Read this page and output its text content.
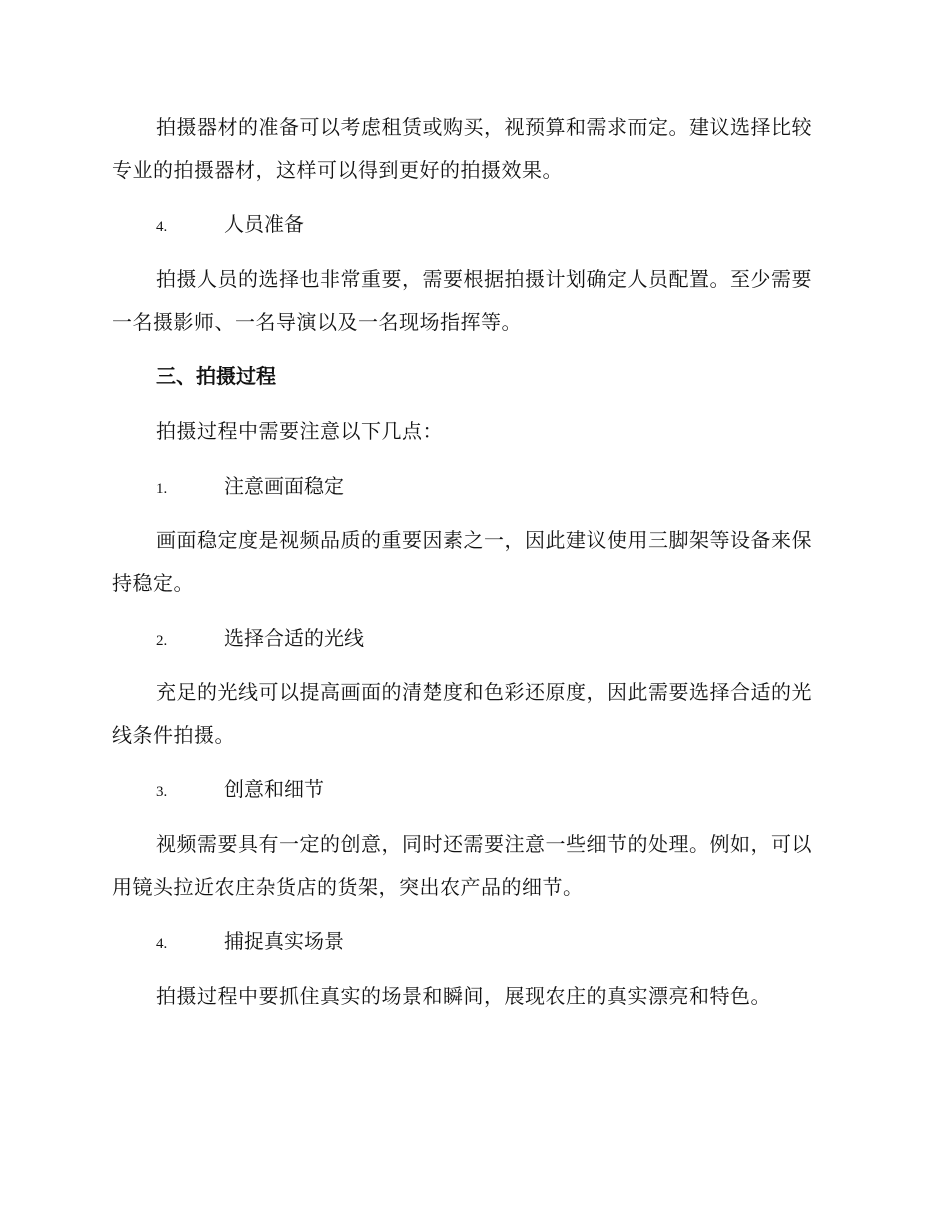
拍摄器材的准备可以考虑租赁或购买，视预算和需求而定。建议选择比较专业的拍摄器材，这样可以得到更好的拍摄效果。

4.	人员准备

拍摄人员的选择也非常重要，需要根据拍摄计划确定人员配置。至少需要一名摄影师、一名导演以及一名现场指挥等。

三、拍摄过程

拍摄过程中需要注意以下几点：

1.	注意画面稳定

画面稳定度是视频品质的重要因素之一，因此建议使用三脚架等设备来保持稳定。

2.	选择合适的光线

充足的光线可以提高画面的清楚度和色彩还原度，因此需要选择合适的光线条件拍摄。

3.	创意和细节

视频需要具有一定的创意，同时还需要注意一些细节的处理。例如，可以用镜头拉近农庄杂货店的货架，突出农产品的细节。

4.	捕捉真实场景

拍摄过程中要抓住真实的场景和瞬间，展现农庄的真实漂亮和特色。
